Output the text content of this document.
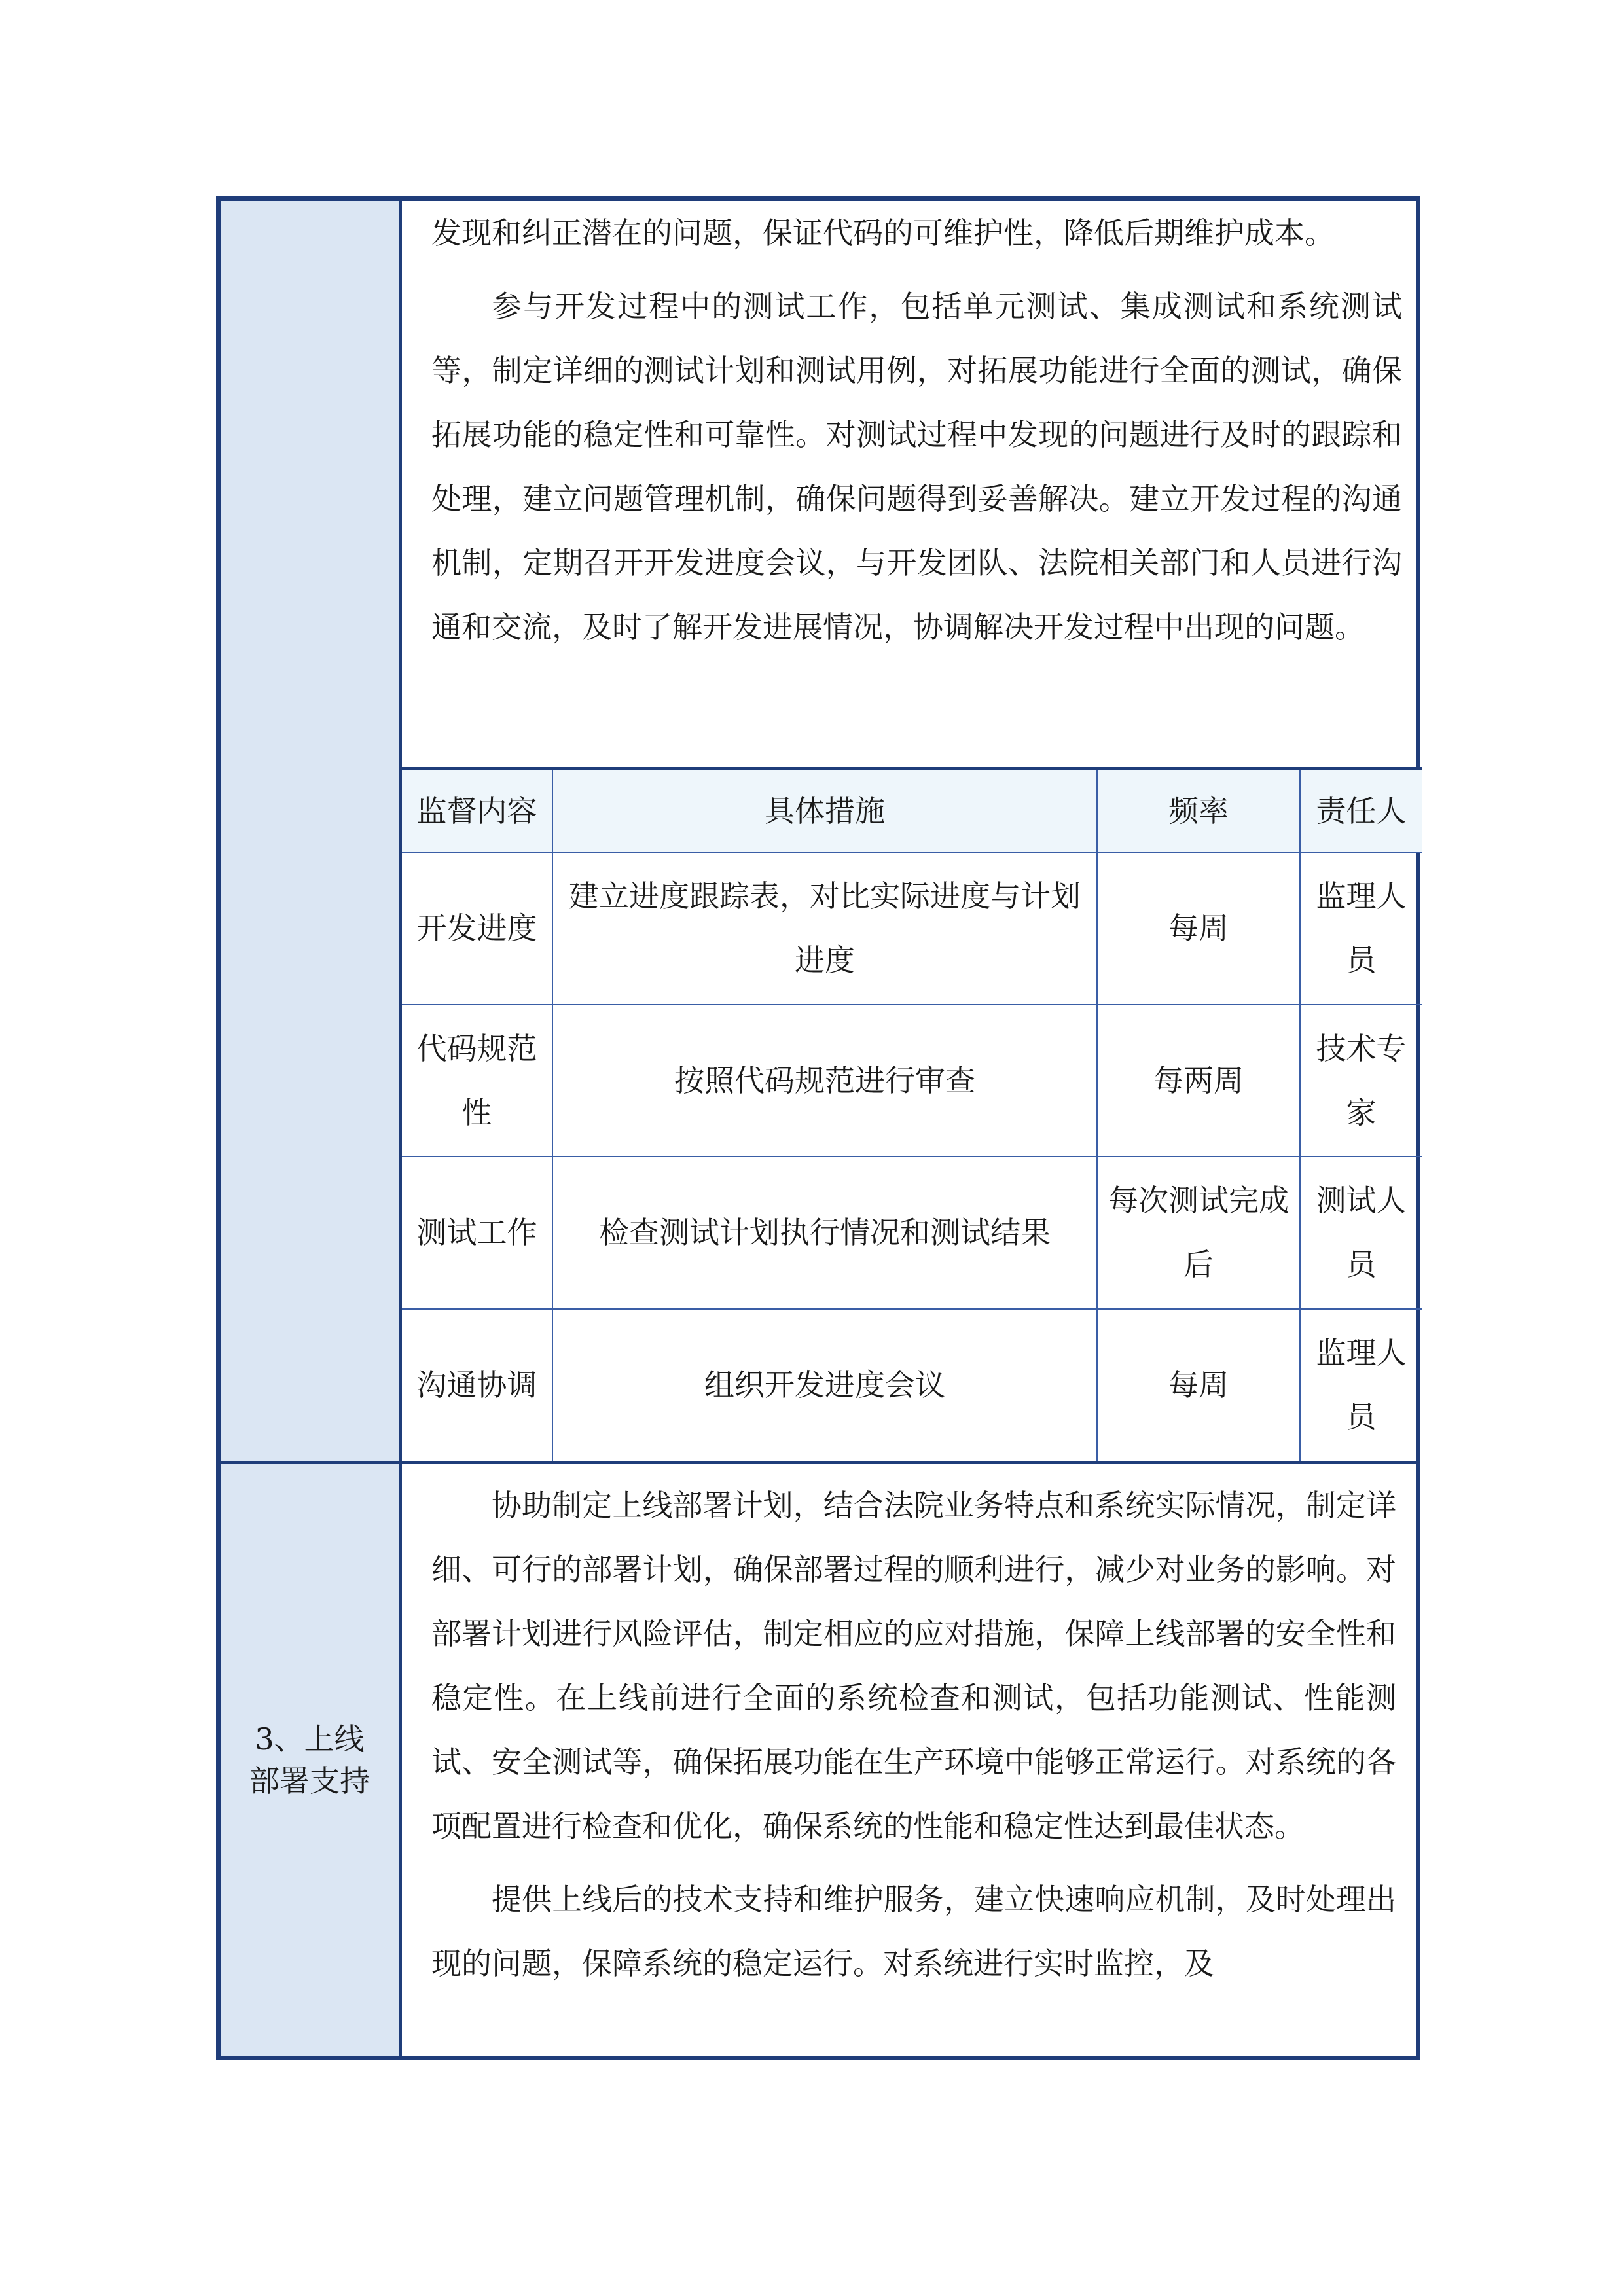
发现和纠正潜在的问题，保证代码的可维护性，降低后期维护成本。

参与开发过程中的测试工作，包括单元测试、集成测试和系统测试等，制定详细的测试计划和测试用例，对拓展功能进行全面的测试，确保拓展功能的稳定性和可靠性。对测试过程中发现的问题进行及时的跟踪和处理，建立问题管理机制，确保问题得到妥善解决。建立开发过程的沟通机制，定期召开开发进度会议，与开发团队、法院相关部门和人员进行沟通和交流，及时了解开发进展情况，协调解决开发过程中出现的问题。

监督内容	具体措施	频率	责任人
开发进度	建立进度跟踪表，对比实际进度与计划进度	每周	监理人员
代码规范性	按照代码规范进行审查	每两周	技术专家
测试工作	检查测试计划执行情况和测试结果	每次测试完成后	测试人员
沟通协调	组织开发进度会议	每周	监理人员
3、上线部署支持

协助制定上线部署计划，结合法院业务特点和系统实际情况，制定详细、可行的部署计划，确保部署过程的顺利进行，减少对业务的影响。对部署计划进行风险评估，制定相应的应对措施，保障上线部署的安全性和稳定性。在上线前进行全面的系统检查和测试，包括功能测试、性能测试、安全测试等，确保拓展功能在生产环境中能够正常运行。对系统的各项配置进行检查和优化，确保系统的性能和稳定性达到最佳状态。

提供上线后的技术支持和维护服务，建立快速响应机制，及时处理出现的问题，保障系统的稳定运行。对系统进行实时监控，及
